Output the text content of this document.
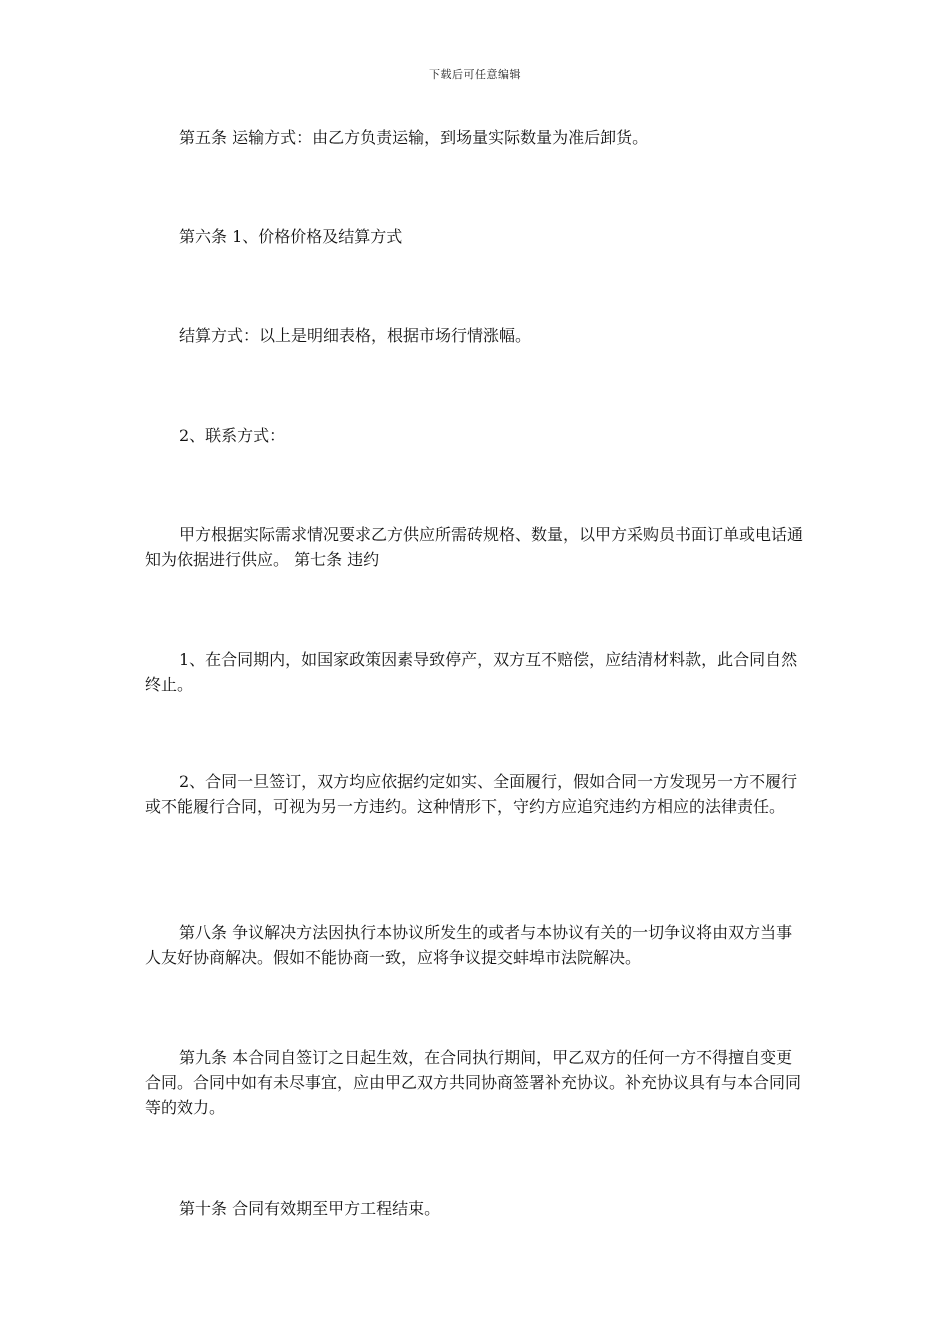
下载后可任意编辑

第五条 运输方式：由乙方负责运输，到场量实际数量为准后卸货。

第六条 1、价格价格及结算方式

结算方式：以上是明细表格，根据市场行情涨幅。

2、联系方式：

甲方根据实际需求情况要求乙方供应所需砖规格、数量，以甲方采购员书面订单或电话通知为依据进行供应。 第七条 违约

1、在合同期内，如国家政策因素导致停产，双方互不赔偿，应结清材料款，此合同自然终止。

2、合同一旦签订，双方均应依据约定如实、全面履行，假如合同一方发现另一方不履行或不能履行合同，可视为另一方违约。这种情形下，守约方应追究违约方相应的法律责任。

第八条 争议解决方法因执行本协议所发生的或者与本协议有关的一切争议将由双方当事人友好协商解决。假如不能协商一致，应将争议提交蚌埠市法院解决。

第九条 本合同自签订之日起生效，在合同执行期间，甲乙双方的任何一方不得擅自变更合同。合同中如有未尽事宜，应由甲乙双方共同协商签署补充协议。补充协议具有与本合同同等的效力。

第十条 合同有效期至甲方工程结束。
